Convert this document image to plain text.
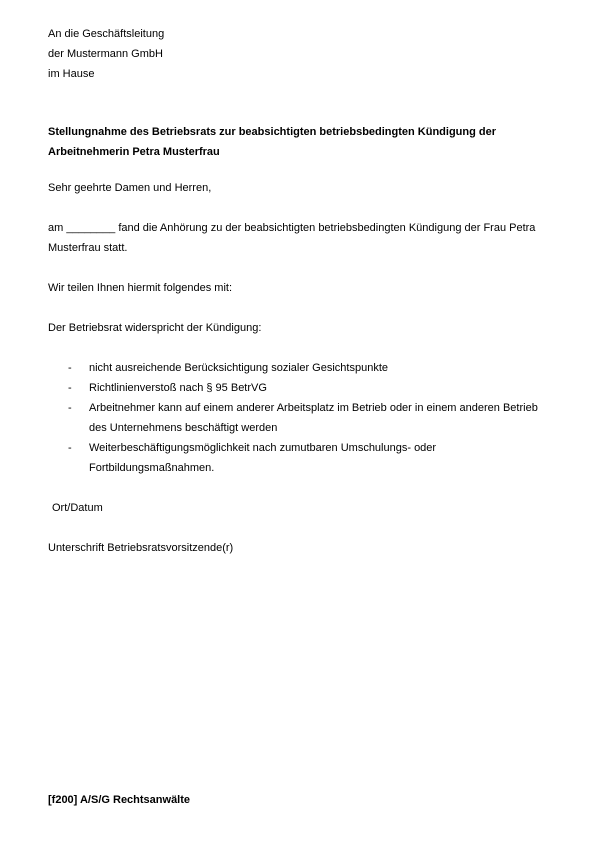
An die Geschäftsleitung

der Mustermann GmbH

im Hause

Stellungnahme des Betriebsrats zur beabsichtigten betriebsbedingten Kündigung der

Arbeitnehmerin Petra Musterfrau

Sehr geehrte Damen und Herren,

am ________ fand die Anhörung zu der beabsichtigten betriebsbedingten Kündigung der Frau Petra

Musterfrau statt.

Wir teilen Ihnen hiermit folgendes mit:

Der Betriebsrat widerspricht der Kündigung:

-	nicht ausreichende Berücksichtigung sozialer Gesichtspunkte
-	Richtlinienverstoß nach § 95 BetrVG
-	Arbeitnehmer kann auf einem anderer Arbeitsplatz im Betrieb oder in einem anderen Betrieb
des Unternehmens beschäftigt werden
-	Weiterbeschäftigungsmöglichkeit nach zumutbaren Umschulungs- oder
Fortbildungsmaßnahmen.

Ort/Datum

Unterschrift Betriebsratsvorsitzende(r)

[f200] A/S/G Rechtsanwälte
